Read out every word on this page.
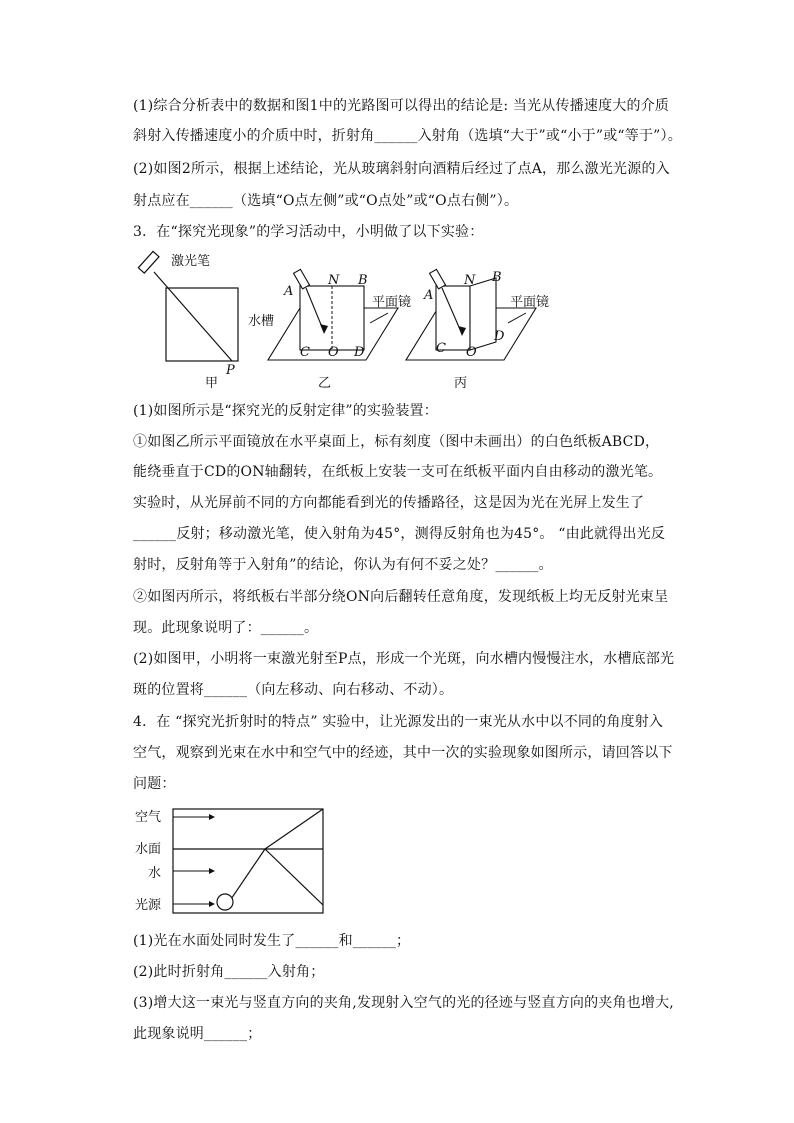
(1)综合分析表中的数据和图1中的光路图可以得出的结论是: 当光从传播速度大的介质
斜射入传播速度小的介质中时，折射角______入射角（选填“大于”或“小于”或“等于”）。
(2)如图2所示，根据上述结论，光从玻璃斜射向酒精后经过了点A，那么激光光源的入
射点应在______（选填“O点左侧”或“O点处”或“O点右侧”）。
3．在“探究光现象”的学习活动中，小明做了以下实验：
激光笔
水槽
P
甲
A
N B
C O D
平面镜
乙
A
N B
C O
D
平面镜
丙
(1)如图所示是“探究光的反射定律”的实验装置：
①如图乙所示平面镜放在水平桌面上，标有刻度（图中未画出）的白色纸板ABCD，
能绕垂直于CD的ON轴翻转，在纸板上安装一支可在纸板平面内自由移动的激光笔。
实验时，从光屏前不同的方向都能看到光的传播路径，这是因为光在光屏上发生了
______反射；移动激光笔，使入射角为45°，测得反射角也为45°。 “由此就得出光反
射时，反射角等于入射角”的结论，你认为有何不妥之处？______。
②如图丙所示，将纸板右半部分绕ON向后翻转任意角度，发现纸板上均无反射光束呈
现。此现象说明了：______。
(2)如图甲，小明将一束激光射至P点，形成一个光斑，向水槽内慢慢注水，水槽底部光
斑的位置将______（向左移动、向右移动、不动）。
4．在 “探究光折射时的特点” 实验中，让光源发出的一束光从水中以不同的角度射入
空气，观察到光束在水中和空气中的经迹，其中一次的实验现象如图所示，请回答以下
问题：
空气
水面
水
光源
(1)光在水面处同时发生了______和______；
(2)此时折射角______入射角；
(3)增大这一束光与竖直方向的夹角,发现射入空气的光的径迹与竖直方向的夹角也增大,
此现象说明______；
